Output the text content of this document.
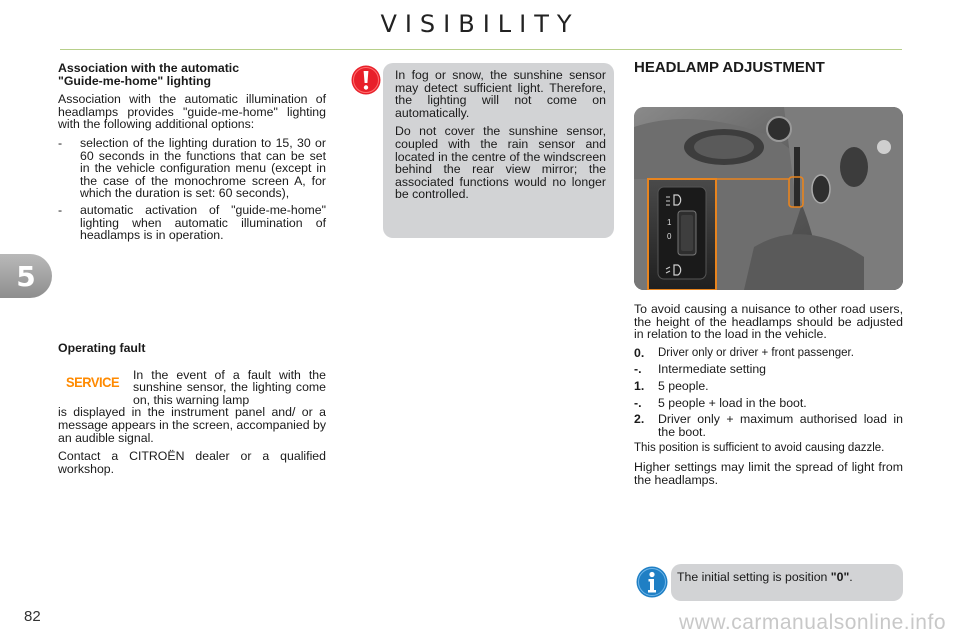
VISIBILITY
5
82	www.carmanualsonline.info
Association with the automatic
"Guide-me-home" lighting

Association with the automatic illumination of headlamps provides "guide-me-home" lighting with the following additional options:

-	selection of the lighting duration to 15, 30 or 60 seconds in the functions that can be set in the vehicle configuration menu (except in the case of the monochrome screen A, for which the duration is set: 60 seconds),
-	automatic activation of "guide-me-home" lighting when automatic illumination of headlamps is in operation.
Operating fault
SERVICE In the event of a fault with the sunshine sensor, the lighting come on, this warning lamp

is displayed in the instrument panel and/ or a message appears in the screen, accompanied by an audible signal.

Contact a CITROËN dealer or a qualified workshop.

In fog or snow, the sunshine sensor may detect sufficient light. Therefore, the lighting will not come on automatically.

Do not cover the sunshine sensor, coupled with the rain sensor and located in the centre of the windscreen behind the rear view mirror; the associated functions would no longer be controlled.

HEADLAMP ADJUSTMENT
1
0

To avoid causing a nuisance to other road users, the height of the headlamps should be adjusted in relation to the load in the vehicle.

0.	Driver only or driver + front passenger.
-.	Intermediate setting
1.	5 people.
-.	5 people + load in the boot.
2.	Driver only + maximum authorised load in the boot.

This position is sufficient to avoid causing dazzle.

Higher settings may limit the spread of light from the headlamps.

The initial setting is position "0".
